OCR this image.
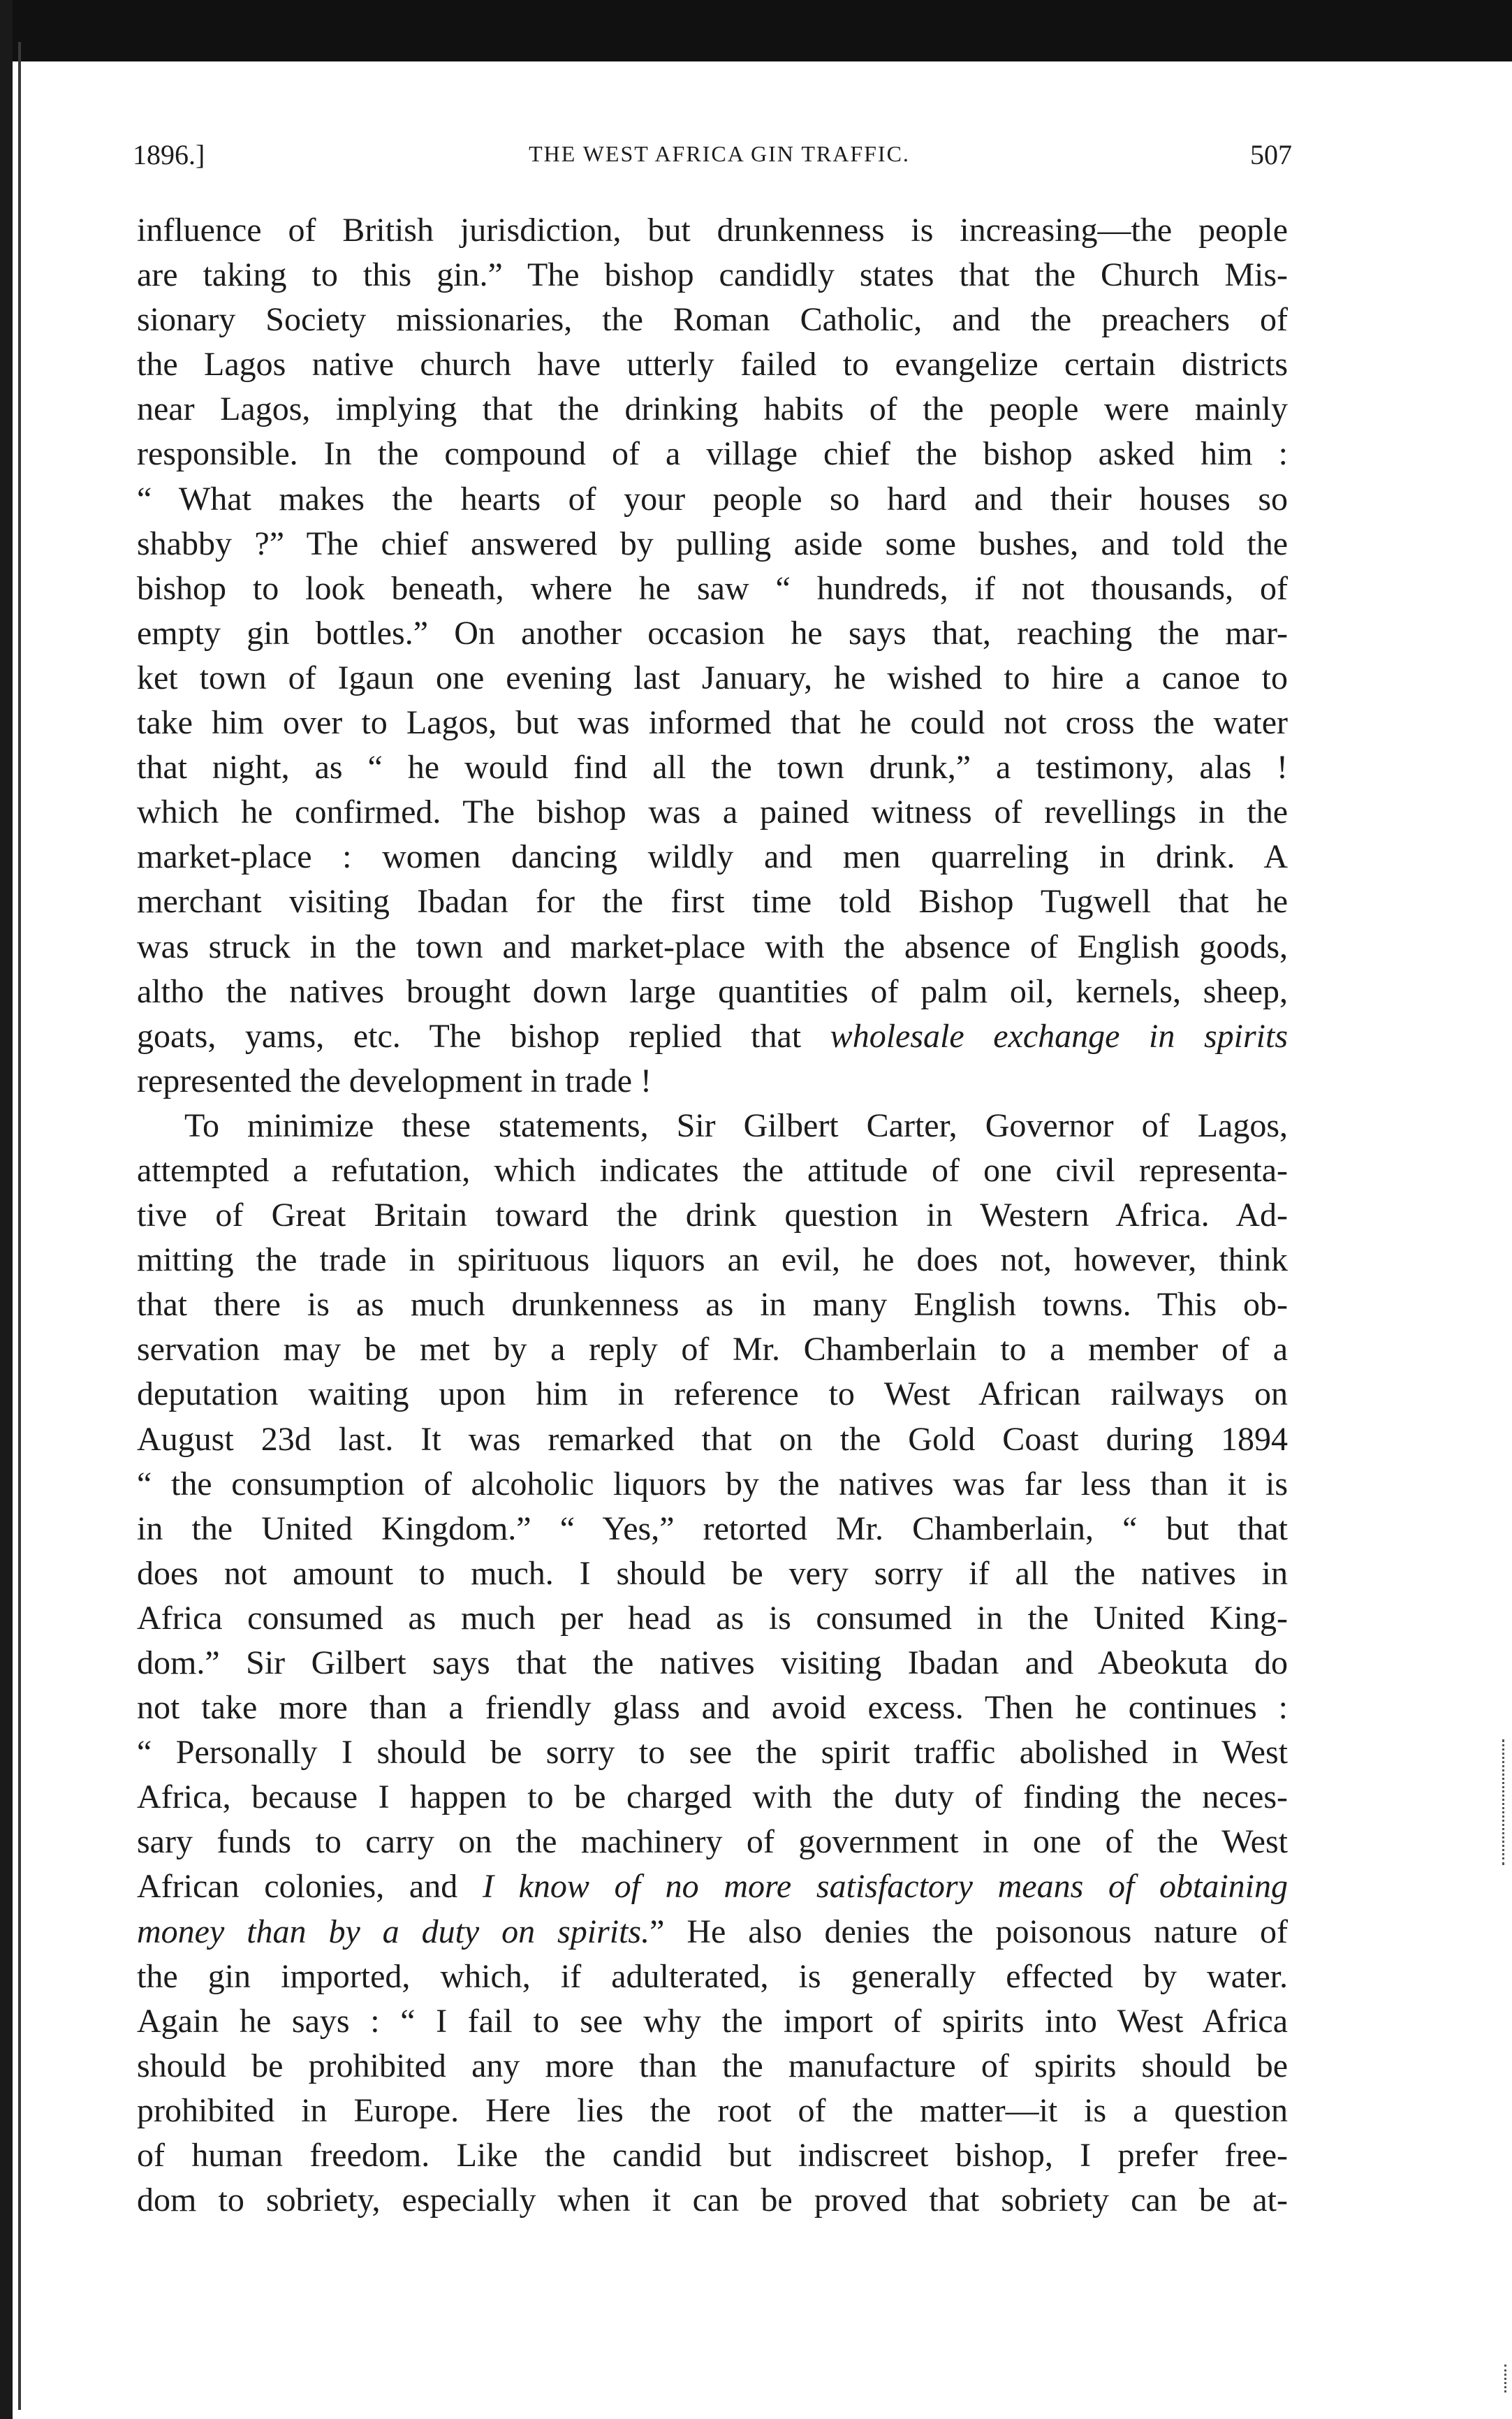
1896.]	THE WEST AFRICA GIN TRAFFIC.	507
influence of British jurisdiction, but drunkenness is increasing—the people
are taking to this gin.” The bishop candidly states that the Church Mis-
sionary Society missionaries, the Roman Catholic, and the preachers of
the Lagos native church have utterly failed to evangelize certain districts
near Lagos, implying that the drinking habits of the people were mainly
responsible. In the compound of a village chief the bishop asked him :
“ What makes the hearts of your people so hard and their houses so
shabby ?” The chief answered by pulling aside some bushes, and told the
bishop to look beneath, where he saw “ hundreds, if not thousands, of
empty gin bottles.” On another occasion he says that, reaching the mar-
ket town of Igaun one evening last January, he wished to hire a canoe to
take him over to Lagos, but was informed that he could not cross the water
that night, as “ he would find all the town drunk,” a testimony, alas !
which he confirmed. The bishop was a pained witness of revellings in the
market-place : women dancing wildly and men quarreling in drink. A
merchant visiting Ibadan for the first time told Bishop Tugwell that he
was struck in the town and market-place with the absence of English goods,
altho the natives brought down large quantities of palm oil, kernels, sheep,
goats, yams, etc. The bishop replied that wholesale exchange in spirits
represented the development in trade !
To minimize these statements, Sir Gilbert Carter, Governor of Lagos,
attempted a refutation, which indicates the attitude of one civil representa-
tive of Great Britain toward the drink question in Western Africa. Ad-
mitting the trade in spirituous liquors an evil, he does not, however, think
that there is as much drunkenness as in many English towns. This ob-
servation may be met by a reply of Mr. Chamberlain to a member of a
deputation waiting upon him in reference to West African railways on
August 23d last. It was remarked that on the Gold Coast during 1894
“ the consumption of alcoholic liquors by the natives was far less than it is
in the United Kingdom.” “ Yes,” retorted Mr. Chamberlain, “ but that
does not amount to much. I should be very sorry if all the natives in
Africa consumed as much per head as is consumed in the United King-
dom.” Sir Gilbert says that the natives visiting Ibadan and Abeokuta do
not take more than a friendly glass and avoid excess. Then he continues :
“ Personally I should be sorry to see the spirit traffic abolished in West
Africa, because I happen to be charged with the duty of finding the neces-
sary funds to carry on the machinery of government in one of the West
African colonies, and I know of no more satisfactory means of obtaining
money than by a duty on spirits.” He also denies the poisonous nature of
the gin imported, which, if adulterated, is generally effected by water.
Again he says : “ I fail to see why the import of spirits into West Africa
should be prohibited any more than the manufacture of spirits should be
prohibited in Europe. Here lies the root of the matter—it is a question
of human freedom. Like the candid but indiscreet bishop, I prefer free-
dom to sobriety, especially when it can be proved that sobriety can be at-
